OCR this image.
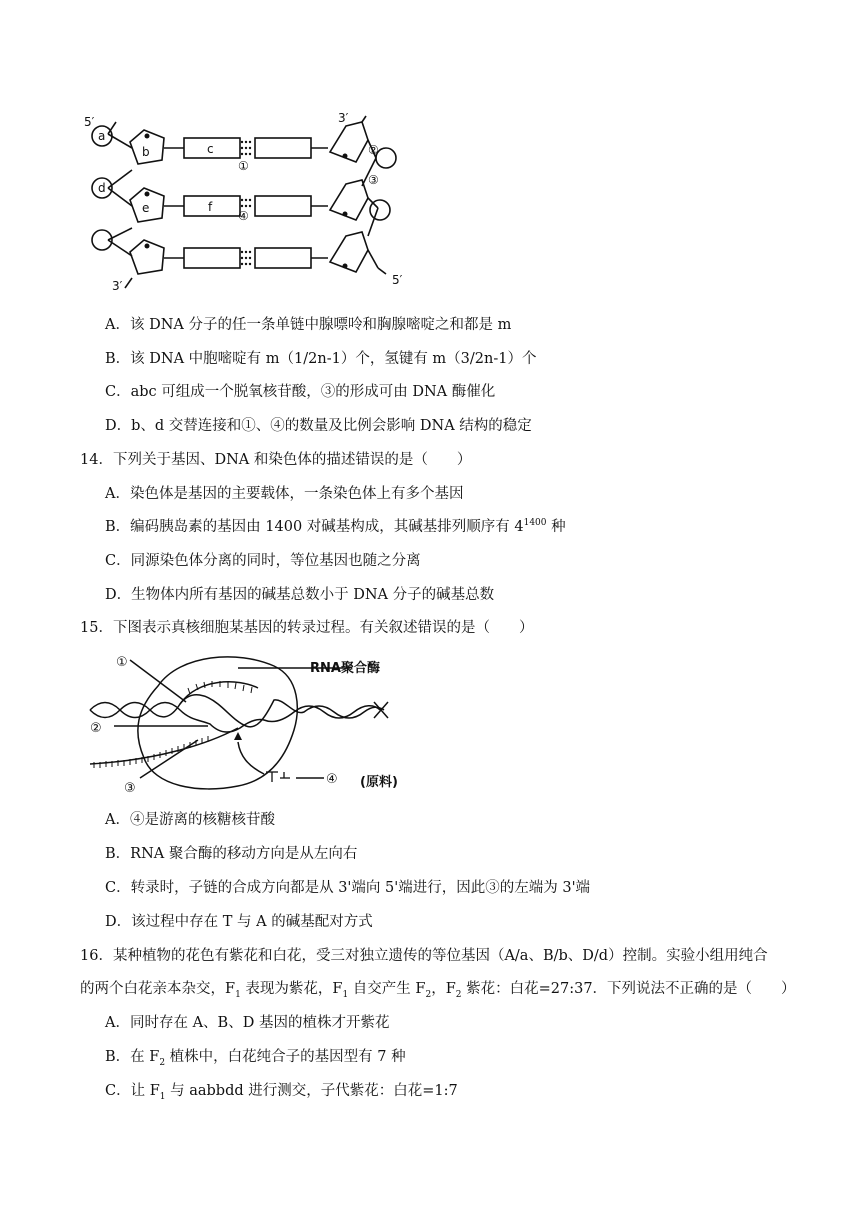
5′	3′
3′	5′
a
b	c
d
e	f
①
②
③
④
A．该 DNA 分子的任一条单链中腺嘌呤和胸腺嘧啶之和都是 m
B．该 DNA 中胞嘧啶有 m（1/2n-1）个，氢键有 m（3/2n-1）个
C．abc 可组成一个脱氧核苷酸，③的形成可由 DNA 酶催化
D．b、d 交替连接和①、④的数量及比例会影响 DNA 结构的稳定
14．下列关于基因、DNA 和染色体的描述错误的是（　　）
A．染色体是基因的主要载体，一条染色体上有多个基因
B．编码胰岛素的基因由 1400 对碱基构成，其碱基排列顺序有 $4^{1400}$ 种
C．同源染色体分离的同时，等位基因也随之分离
D．生物体内所有基因的碱基总数小于 DNA 分子的碱基总数
15．下图表示真核细胞某基因的转录过程。有关叙述错误的是（　　）
①
②
③
④ (原料)
RNA聚合酶
A．④是游离的核糖核苷酸
B．RNA 聚合酶的移动方向是从左向右
C．转录时，子链的合成方向都是从 3'端向 5'端进行，因此③的左端为 3'端
D．该过程中存在 T 与 A 的碱基配对方式
16．某种植物的花色有紫花和白花，受三对独立遗传的等位基因（A/a、B/b、D/d）控制。实验小组用纯合
的两个白花亲本杂交，$F_1$ 表现为紫花，$F_1$ 自交产生 $F_2$，$F_2$ 紫花：白花=27:37．下列说法不正确的是（　　）
A．同时存在 A、B、D 基因的植株才开紫花
B．在 $F_2$ 植株中，白花纯合子的基因型有 7 种
C．让 $F_1$ 与 aabbdd 进行测交，子代紫花：白花=1:7
